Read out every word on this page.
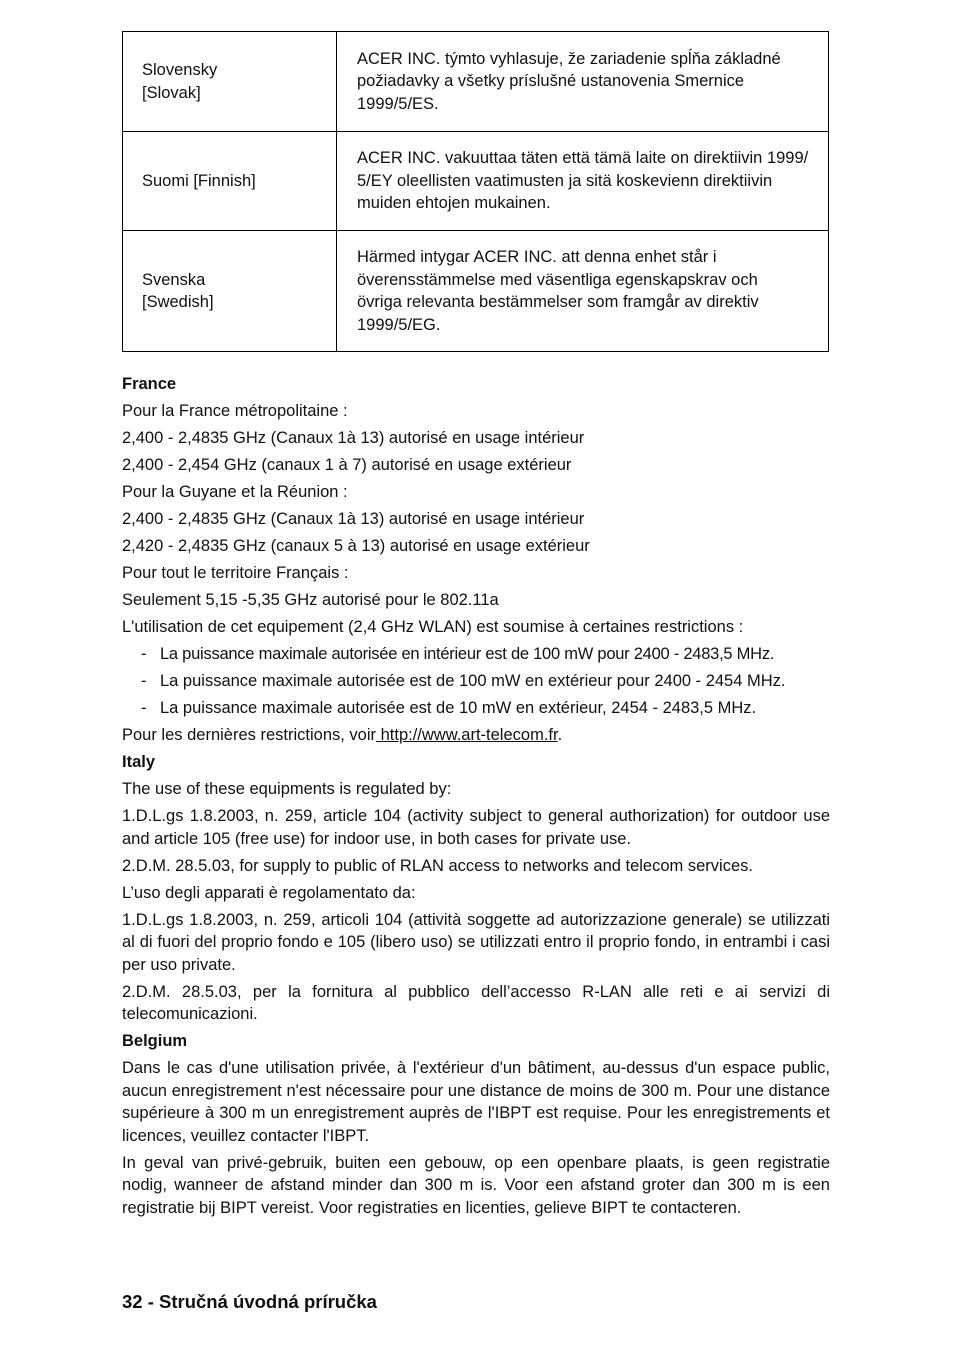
Slovensky
[Slovak]	ACER INC. týmto vyhlasuje, že zariadenie spĺňa základné
požiadavky a všetky príslušné ustanovenia Smernice
1999/5/ES.
Suomi [Finnish]	ACER INC. vakuuttaa täten että tämä laite on direktiivin 1999/
5/EY oleellisten vaatimusten ja sitä koskevienn direktiivin
muiden ehtojen mukainen.
Svenska
[Swedish]	Härmed intygar ACER INC. att denna enhet står i
överensstämmelse med väsentliga egenskapskrav och
övriga relevanta bestämmelser som framgår av direktiv
1999/5/EG.

France

Pour la France métropolitaine :

2,400 - 2,4835 GHz (Canaux 1à 13) autorisé en usage intérieur

2,400 - 2,454 GHz (canaux 1 à 7) autorisé en usage extérieur

Pour la Guyane et la Réunion :

2,400 - 2,4835 GHz (Canaux 1à 13) autorisé en usage intérieur

2,420 - 2,4835 GHz (canaux 5 à 13) autorisé en usage extérieur

Pour tout le territoire Français :

Seulement 5,15 -5,35 GHz autorisé pour le 802.11a

L'utilisation de cet equipement (2,4 GHz WLAN) est soumise à certaines restrictions :

- La puissance maximale autorisée en intérieur est de 100 mW pour 2400 - 2483,5 MHz.

- La puissance maximale autorisée est de 100 mW en extérieur pour 2400 - 2454 MHz.

- La puissance maximale autorisée est de 10 mW en extérieur, 2454 - 2483,5 MHz.

Pour les dernières restrictions, voir http://www.art-telecom.fr.

Italy

The use of these equipments is regulated by:

1.D.L.gs 1.8.2003, n. 259, article 104 (activity subject to general authorization) for outdoor use and article 105 (free use) for indoor use, in both cases for private use.

2.D.M. 28.5.03, for supply to public of RLAN access to networks and telecom services.

L’uso degli apparati è regolamentato da:

1.D.L.gs 1.8.2003, n. 259, articoli 104 (attività soggette ad autorizzazione generale) se utilizzati al di fuori del proprio fondo e 105 (libero uso) se utilizzati entro il proprio fondo, in entrambi i casi per uso private.

2.D.M. 28.5.03, per la fornitura al pubblico dell’accesso R-LAN alle reti e ai servizi di telecomunicazioni.

Belgium

Dans le cas d'une utilisation privée, à l'extérieur d'un bâtiment, au-dessus d'un espace public, aucun enregistrement n'est nécessaire pour une distance de moins de 300 m. Pour une distance supérieure à 300 m un enregistrement auprès de l'IBPT est requise. Pour les enregistrements et licences, veuillez contacter l'IBPT.

In geval van privé-gebruik, buiten een gebouw, op een openbare plaats, is geen registratie nodig, wanneer de afstand minder dan 300 m is. Voor een afstand groter dan 300 m is een registratie bij BIPT vereist. Voor registraties en licenties, gelieve BIPT te contacteren.

32 - Stručná úvodná príručka
